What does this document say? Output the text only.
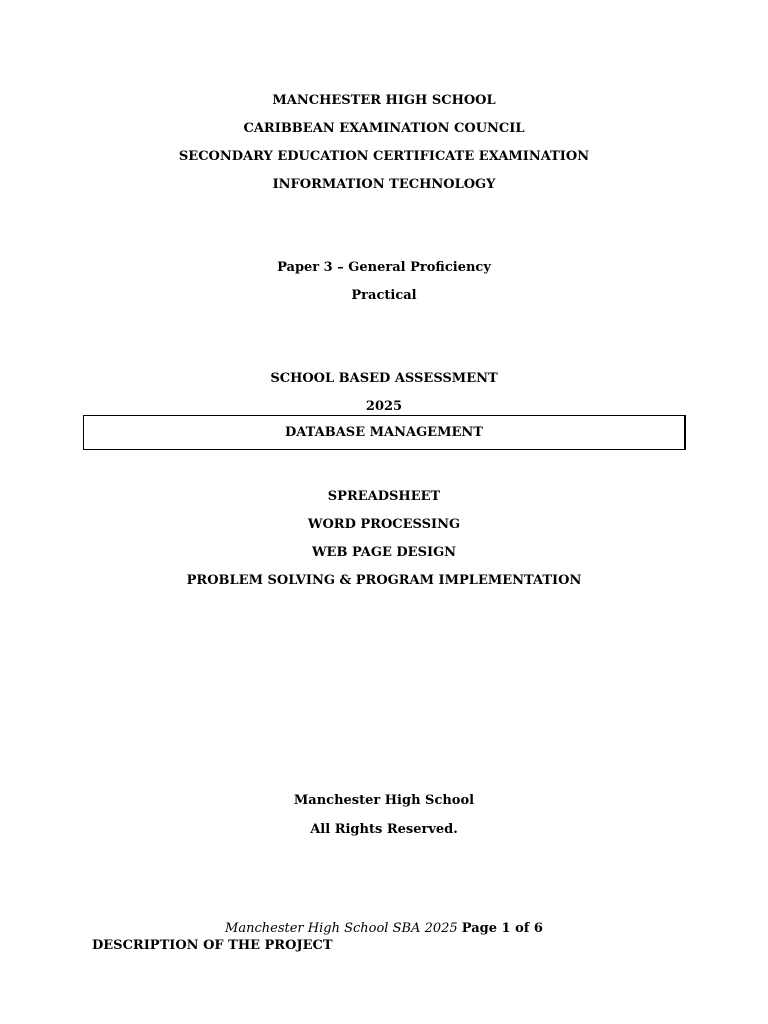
MANCHESTER HIGH SCHOOL
CARIBBEAN EXAMINATION COUNCIL
SECONDARY EDUCATION CERTIFICATE EXAMINATION
INFORMATION TECHNOLOGY
Paper 3 – General Proficiency
Practical
SCHOOL BASED ASSESSMENT
2025
DATABASE MANAGEMENT
SPREADSHEET
WORD PROCESSING
WEB PAGE DESIGN
PROBLEM SOLVING & PROGRAM IMPLEMENTATION
Manchester High School
All Rights Reserved.
Manchester High School SBA 2025 Page 1 of 6
DESCRIPTION OF THE PROJECT
